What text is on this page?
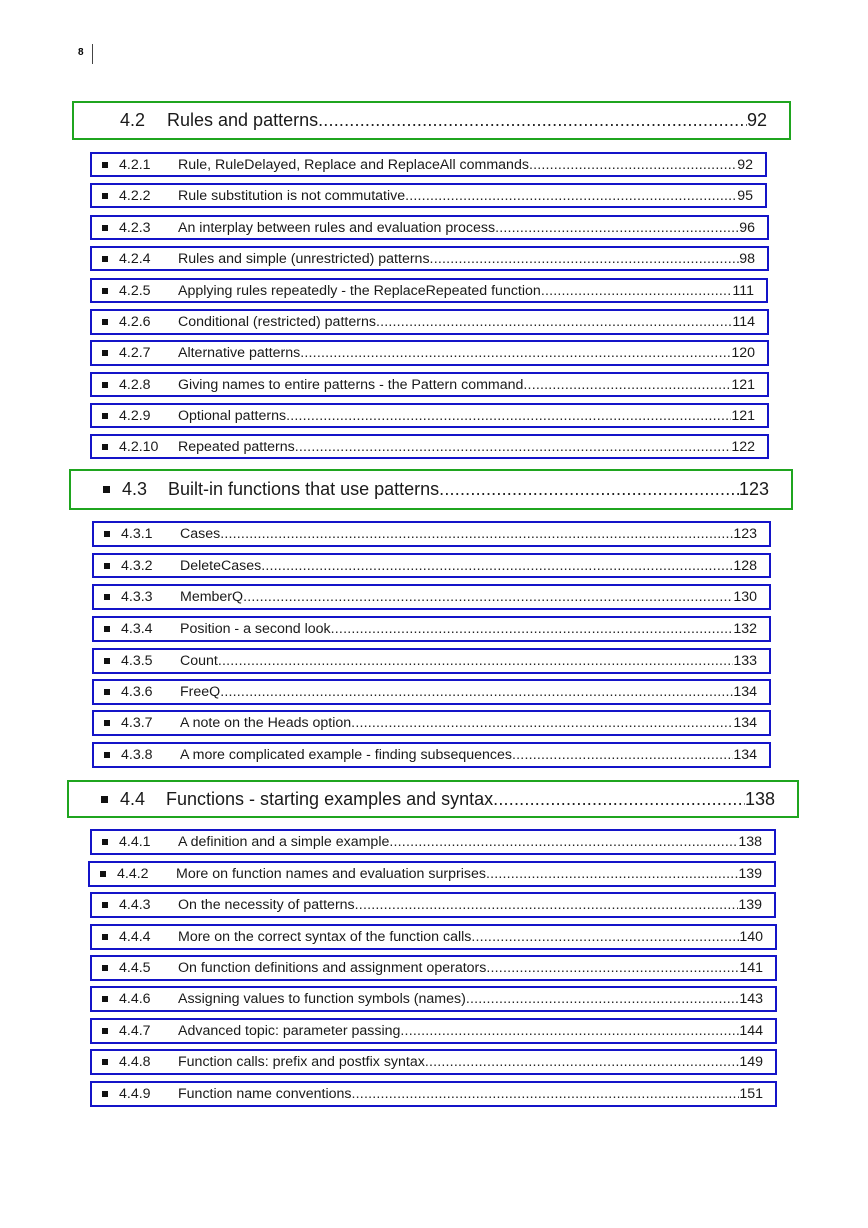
8
4.2	Rules and patterns .....	92
4.2.1	Rule, RuleDelayed, Replace and ReplaceAll commands .....	92
4.2.2	Rule substitution is not commutative .....	95
4.2.3	An interplay between rules and evaluation process .....	96
4.2.4	Rules and simple (unrestricted) patterns .....	98
4.2.5	Applying rules repeatedly - the ReplaceRepeated function .....	111
4.2.6	Conditional (restricted) patterns .....	114
4.2.7	Alternative patterns .....	120
4.2.8	Giving names to entire patterns - the Pattern command .....	121
4.2.9	Optional patterns .....	121
4.2.10	Repeated patterns .....	122
4.3	Built-in functions that use patterns .....	123
4.3.1	Cases .....	123
4.3.2	DeleteCases .....	128
4.3.3	MemberQ .....	130
4.3.4	Position - a second look .....	132
4.3.5	Count .....	133
4.3.6	FreeQ .....	134
4.3.7	A note on the Heads option .....	134
4.3.8	A more complicated example - finding subsequences .....	134
4.4	Functions - starting examples and syntax .....	138
4.4.1	A definition and a simple example .....	138
4.4.2	More on function names and evaluation surprises .....	139
4.4.3	On the necessity of patterns .....	139
4.4.4	More on the correct syntax of the function calls .....	140
4.4.5	On function definitions and assignment operators .....	141
4.4.6	Assigning values to function symbols (names) .....	143
4.4.7	Advanced topic: parameter passing .....	144
4.4.8	Function calls: prefix and postfix syntax .....	149
4.4.9	Function name conventions .....	151
